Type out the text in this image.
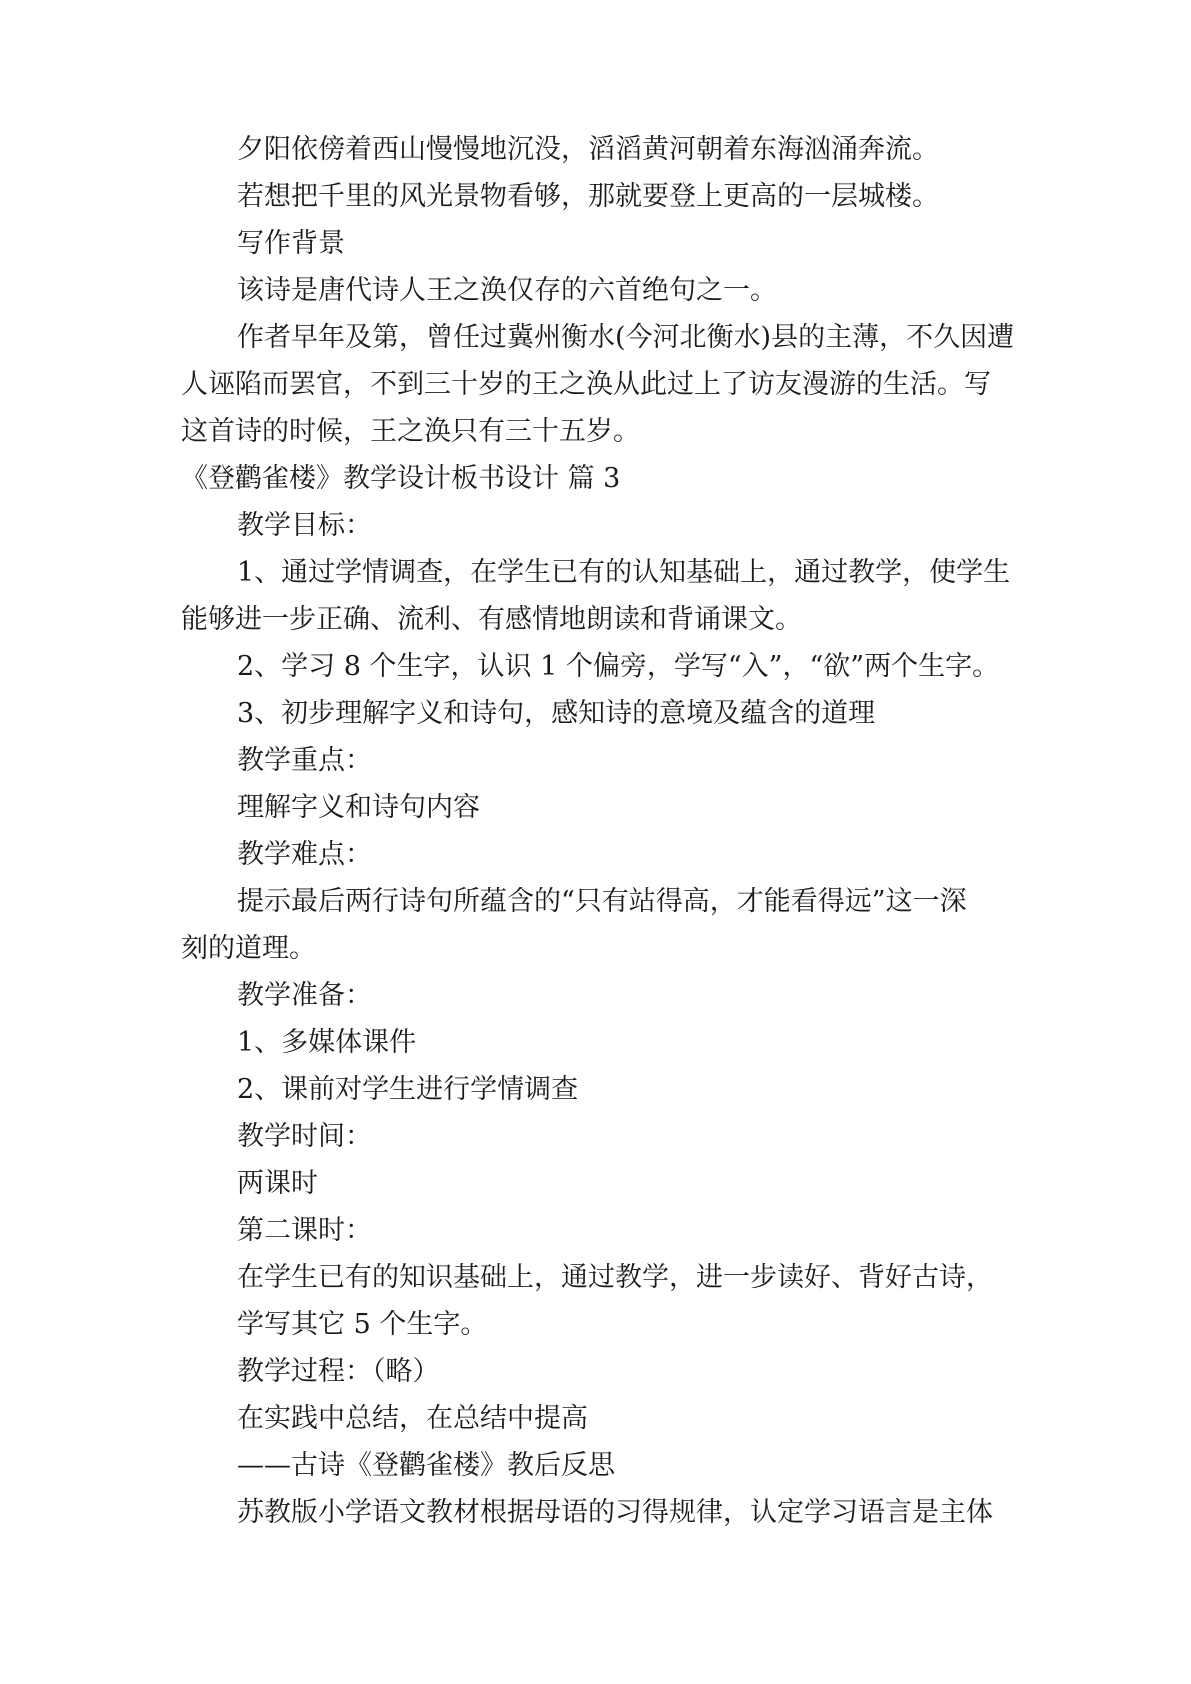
夕阳依傍着西山慢慢地沉没，滔滔黄河朝着东海汹涌奔流。
若想把千里的风光景物看够，那就要登上更高的一层城楼。
写作背景
该诗是唐代诗人王之涣仅存的六首绝句之一。
作者早年及第，曾任过冀州衡水(今河北衡水)县的主薄，不久因遭
人诬陷而罢官，不到三十岁的王之涣从此过上了访友漫游的生活。写
这首诗的时候，王之涣只有三十五岁。
《登鹳雀楼》教学设计板书设计 篇 3
教学目标：
1、通过学情调查，在学生已有的认知基础上，通过教学，使学生
能够进一步正确、流利、有感情地朗读和背诵课文。
2、学习 8 个生字，认识 1 个偏旁，学写“入”，“欲”两个生字。
3、初步理解字义和诗句，感知诗的意境及蕴含的道理
教学重点：
理解字义和诗句内容
教学难点：
提示最后两行诗句所蕴含的“只有站得高，才能看得远”这一深
刻的道理。
教学准备：
1、多媒体课件
2、课前对学生进行学情调查
教学时间：
两课时
第二课时：
在学生已有的知识基础上，通过教学，进一步读好、背好古诗，
学写其它 5 个生字。
教学过程：（略）
在实践中总结，在总结中提高
——古诗《登鹳雀楼》教后反思
苏教版小学语文教材根据母语的习得规律，认定学习语言是主体
